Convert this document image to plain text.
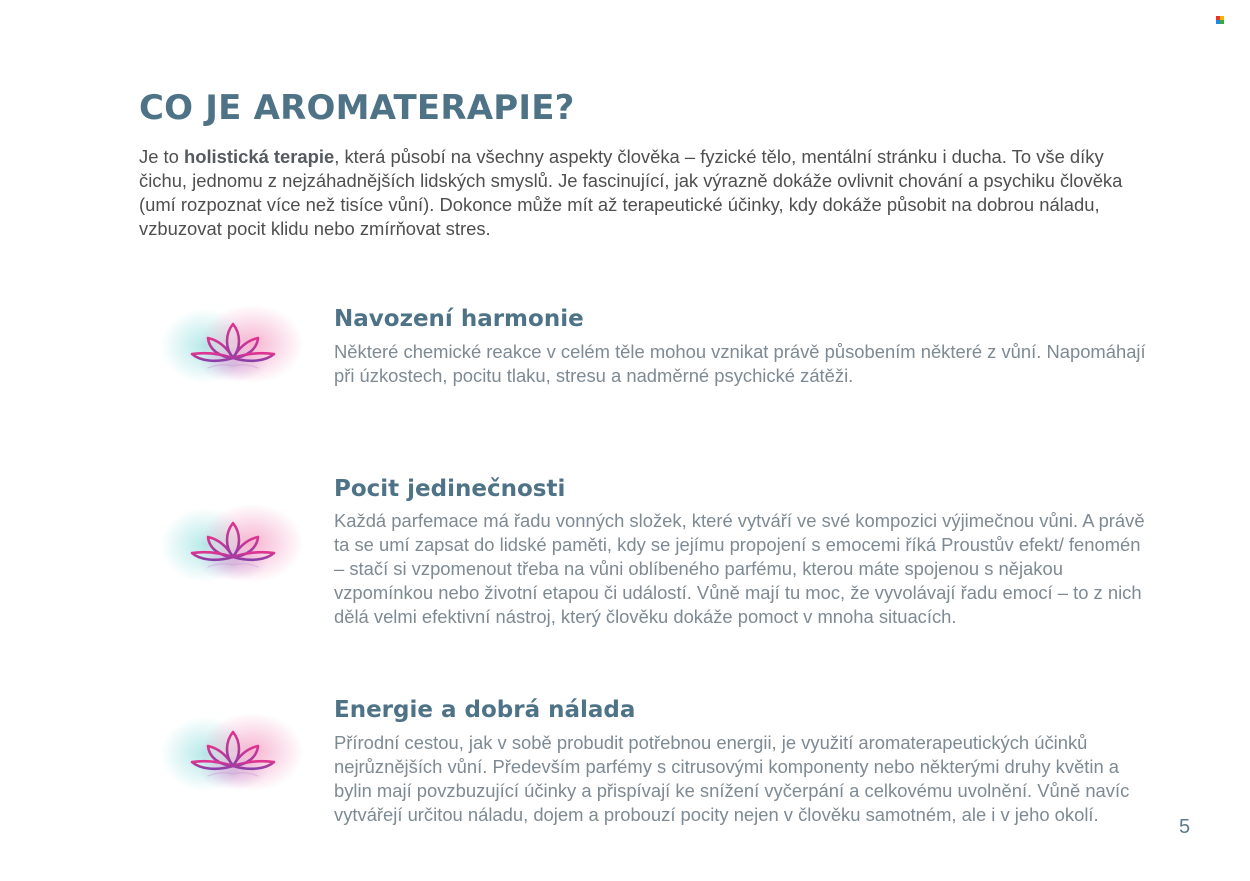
CO JE AROMATERAPIE?

Je to holistická terapie, která působí na všechny aspekty člověka – fyzické tělo, mentální stránku i ducha. To vše díky čichu, jednomu z nejzáhadnějších lidských smyslů. Je fascinující, jak výrazně dokáže ovlivnit chování a psychiku člověka (umí rozpoznat více než tisíce vůní). Dokonce může mít až terapeutické účinky, kdy dokáže působit na dobrou náladu, vzbuzovat pocit klidu nebo zmírňovat stres.

Navození harmonie

Některé chemické reakce v celém těle mohou vznikat právě působením některé z vůní. Napomáhají při úzkostech, pocitu tlaku, stresu a nadměrné psychické zátěži.

Pocit jedinečnosti

Každá parfemace má řadu vonných složek, které vytváří ve své kompozici výjimečnou vůni. A právě ta se umí zapsat do lidské paměti, kdy se jejímu propojení s emocemi říká Proustův efekt/ fenomén – stačí si vzpomenout třeba na vůni oblíbeného parfému, kterou máte spojenou s nějakou vzpomínkou nebo životní etapou či událostí. Vůně mají tu moc, že vyvolávají řadu emocí – to z nich dělá velmi efektivní nástroj, který člověku dokáže pomoct v mnoha situacích.

Energie a dobrá nálada

Přírodní cestou, jak v sobě probudit potřebnou energii, je využití aromaterapeutických účinků nejrůznějších vůní. Především parfémy s citrusovými komponenty nebo některými druhy květin a bylin mají povzbuzující účinky a přispívají ke snížení vyčerpání a celkovému uvolnění. Vůně navíc vytvářejí určitou náladu, dojem a probouzí pocity nejen v člověku samotném, ale i v jeho okolí.

5
